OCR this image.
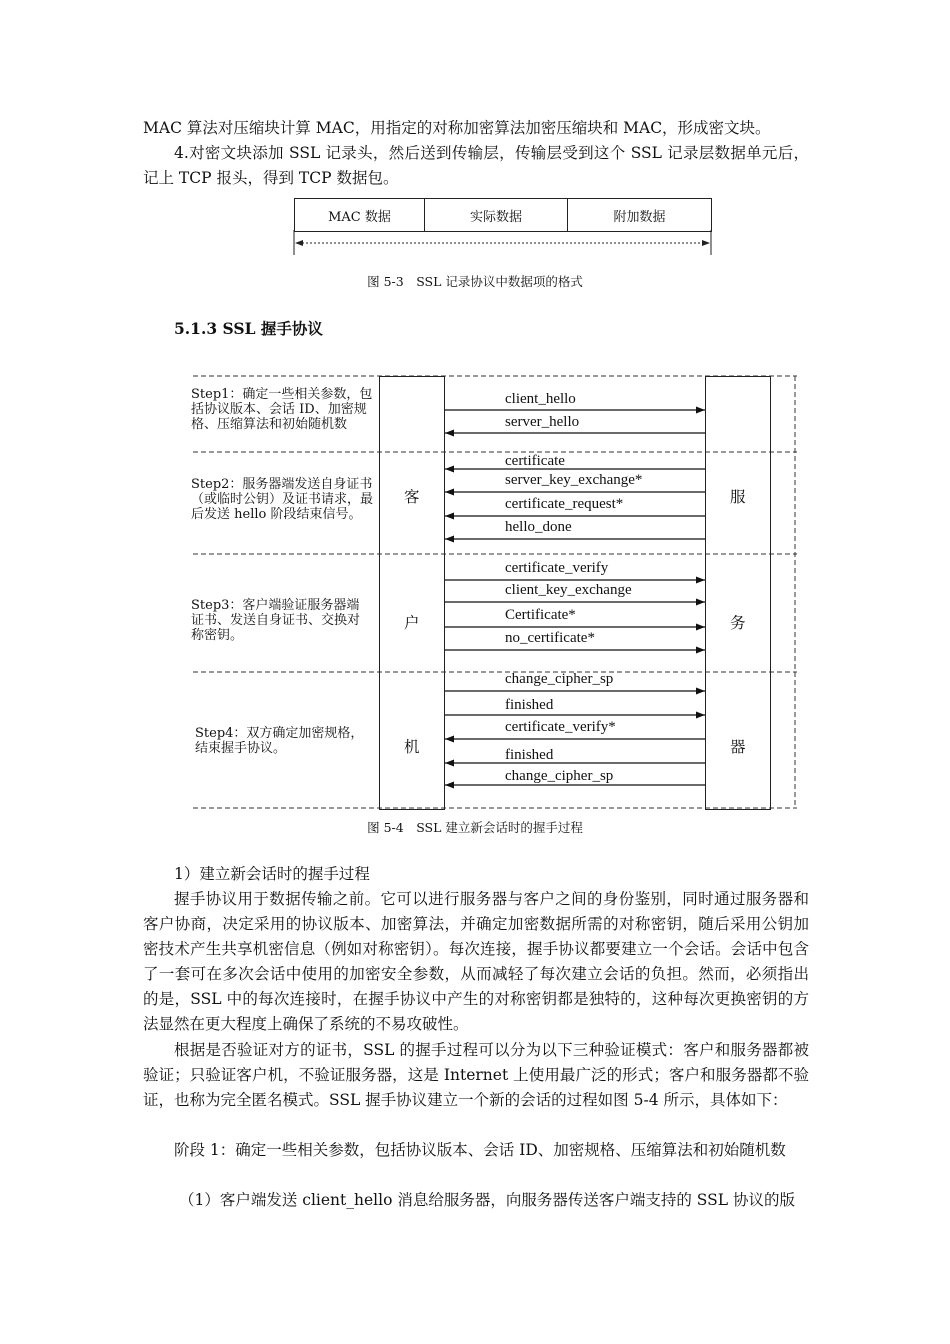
MAC 算法对压缩块计算 MAC，用指定的对称加密算法加密压缩块和 MAC，形成密文块。

4.对密文块添加 SSL 记录头，然后送到传输层，传输层受到这个 SSL 记录层数据单元后，记上 TCP 报头，得到 TCP 数据包。

MAC 数据	实际数据	附加数据
图 5-3　SSL 记录协议中数据项的格式
5.1.3 SSL 握手协议
Step1：确定一些相关参数，包括协议版本、会话 ID、加密规格、压缩算法和初始随机数
Step2：服务器端发送自身证书（或临时公钥）及证书请求，最后发送 hello 阶段结束信号。
Step3：客户端验证服务器端证书、发送自身证书、交换对称密钥。
Step4：双方确定加密规格，结束握手协议。
客
户
机
服
务
器
client_hello
server_hello
certificate
server_key_exchange*
certificate_request*
hello_done
certificate_verify
client_key_exchange
Certificate*
no_certificate*
change_cipher_sp
finished
certificate_verify*
finished
change_cipher_sp
图 5-4　SSL 建立新会话时的握手过程

1）建立新会话时的握手过程

握手协议用于数据传输之前。它可以进行服务器与客户之间的身份鉴别，同时通过服务器和客户协商，决定采用的协议版本、加密算法，并确定加密数据所需的对称密钥，随后采用公钥加密技术产生共享机密信息（例如对称密钥）。每次连接，握手协议都要建立一个会话。会话中包含了一套可在多次会话中使用的加密安全参数，从而减轻了每次建立会话的负担。然而，必须指出的是，SSL 中的每次连接时，在握手协议中产生的对称密钥都是独特的，这种每次更换密钥的方法显然在更大程度上确保了系统的不易攻破性。

根据是否验证对方的证书，SSL 的握手过程可以分为以下三种验证模式：客户和服务器都被验证；只验证客户机，不验证服务器，这是 Internet 上使用最广泛的形式；客户和服务器都不验证，也称为完全匿名模式。SSL 握手协议建立一个新的会话的过程如图 5-4 所示，具体如下：

阶段 1：确定一些相关参数，包括协议版本、会话 ID、加密规格、压缩算法和初始随机数

（1）客户端发送 client_hello 消息给服务器，向服务器传送客户端支持的 SSL 协议的版
